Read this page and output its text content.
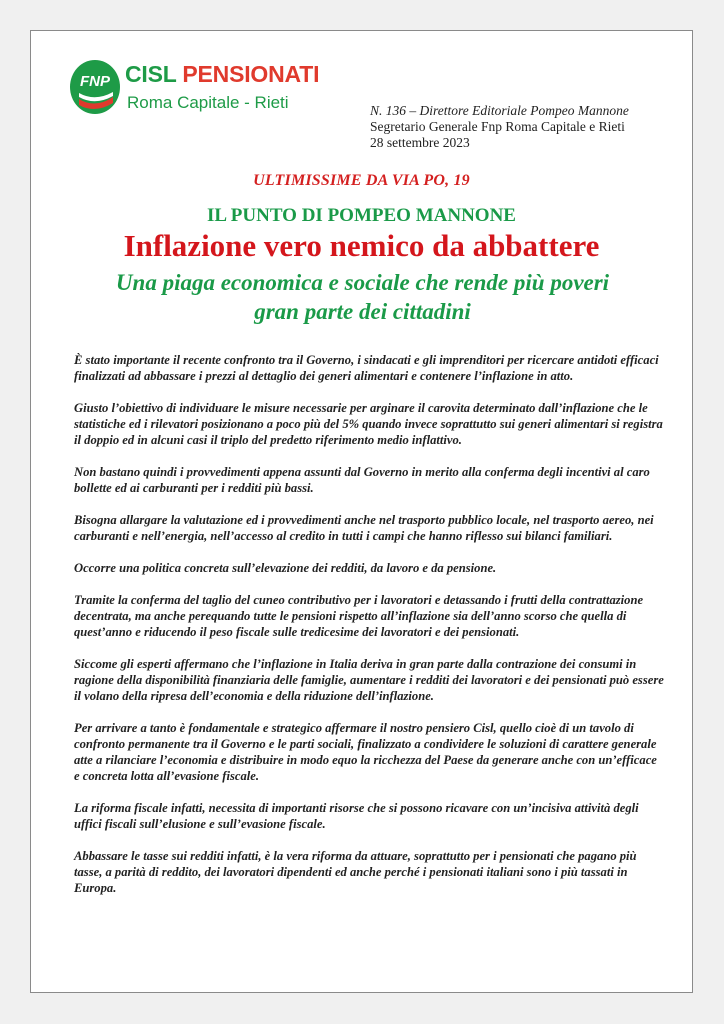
FNP CISL PENSIONATI
Roma Capitale - Rieti	N. 136 – Direttore Editoriale Pompeo Mannone
Segretario Generale Fnp Roma Capitale e Rieti
28 settembre 2023
ULTIMISSIME DA VIA PO, 19
IL PUNTO DI POMPEO MANNONE
Inflazione vero nemico da abbattere
Una piaga economica e sociale che rende più poveri
gran parte dei cittadini

È stato importante il recente confronto tra il Governo, i sindacati e gli imprenditori per ricercare antidoti efficaci finalizzati ad abbassare i prezzi al dettaglio dei generi alimentari e contenere l’inflazione in atto.

Giusto l’obiettivo di individuare le misure necessarie per arginare il carovita determinato dall’inflazione che le statistiche ed i rilevatori posizionano a poco più del 5% quando invece soprattutto sui generi alimentari si registra il doppio ed in alcuni casi il triplo del predetto riferimento medio inflattivo.

Non bastano quindi i provvedimenti appena assunti dal Governo in merito alla conferma degli incentivi al caro bollette ed ai carburanti per i redditi più bassi.

Bisogna allargare la valutazione ed i provvedimenti anche nel trasporto pubblico locale, nel trasporto aereo, nei carburanti e nell’energia, nell’accesso al credito in tutti i campi che hanno riflesso sui bilanci familiari.

Occorre una politica concreta sull’elevazione dei redditi, da lavoro e da pensione.

Tramite la conferma del taglio del cuneo contributivo per i lavoratori e detassando i frutti della contrattazione decentrata, ma anche perequando tutte le pensioni rispetto all’inflazione sia dell’anno scorso che quella di quest’anno e riducendo il peso fiscale sulle tredicesime dei lavoratori e dei pensionati.

Siccome gli esperti affermano che l’inflazione in Italia deriva in gran parte dalla contrazione dei consumi in ragione della disponibilità finanziaria delle famiglie, aumentare i redditi dei lavoratori e dei pensionati può essere il volano della ripresa dell’economia e della riduzione dell’inflazione.

Per arrivare a tanto è fondamentale e strategico affermare il nostro pensiero Cisl, quello cioè di un tavolo di confronto permanente tra il Governo e le parti sociali, finalizzato a condividere le soluzioni di carattere generale atte a rilanciare l’economia e distribuire in modo equo la ricchezza del Paese da generare anche con un’efficace e concreta lotta all’evasione fiscale.

La riforma fiscale infatti, necessita di importanti risorse che si possono ricavare con un’incisiva attività degli uffici fiscali sull’elusione e sull’evasione fiscale.

Abbassare le tasse sui redditi infatti, è la vera riforma da attuare, soprattutto per i pensionati che pagano più tasse, a parità di reddito, dei lavoratori dipendenti ed anche perché i pensionati italiani sono i più tassati in Europa.
